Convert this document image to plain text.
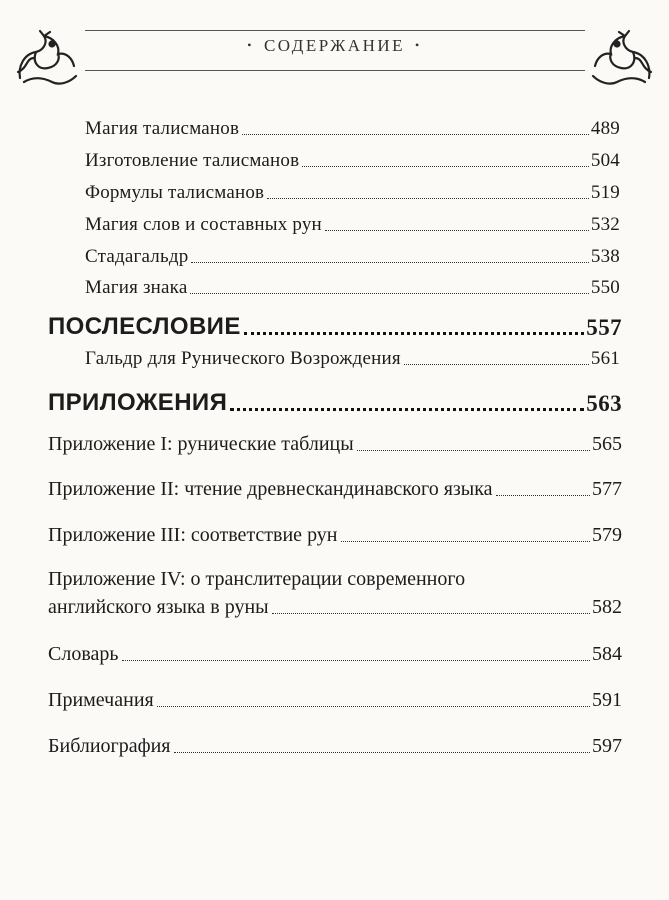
• СОДЕРЖАНИЕ •
Магия талисманов	489
Изготовление талисманов	504
Формулы талисманов	519
Магия слов и составных рун	532
Стадагальдр	538
Магия знака	550
ПОСЛЕСЛОВИЕ	557
Гальдр для Рунического Возрождения	561
ПРИЛОЖЕНИЯ	563
Приложение I: рунические таблицы	565
Приложение II: чтение древнескандинавского языка	577
Приложение III: соответствие рун	579
Приложение IV: о транслитерации современного
английского языка в руны	582
Словарь	584
Примечания	591
Библиография	597
